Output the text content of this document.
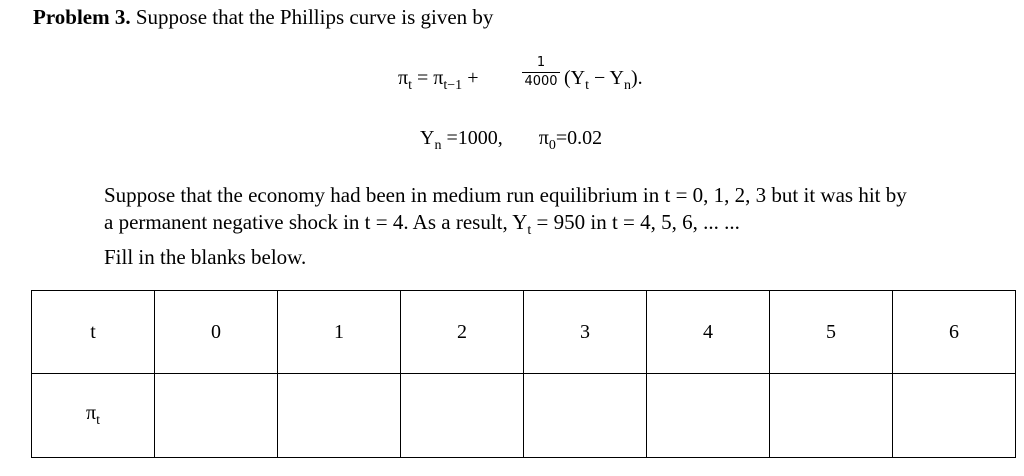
Problem 3. Suppose that the Phillips curve is given by
$\pi_t = \pi_{t-1}$ +
1
4000 $(Y_t - Y_n)$.
$Y_n =1000$, $\pi_0=0.02$
Suppose that the economy had been in medium run equilibrium in t = 0, 1, 2, 3 but it was hit by
a permanent negative shock in t = 4. As a result, $Y_t = 950$ in t = 4, 5, 6, ... ...
Fill in the blanks below.
t	0	1	2	3	4	5	6
$\pi_t$							
